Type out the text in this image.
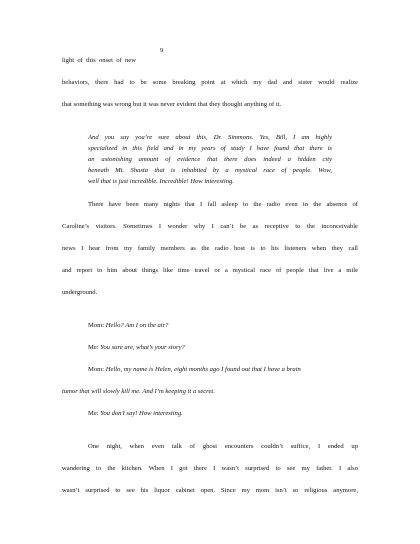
9
light of this onset of new
behaviors, there had to be some breaking point at which my dad and sister would realize
that something was wrong but it was never evident that they thought anything of it.
And you say you’re sure about this, Dr. Simmons. Yes, Bill, I am highly
specialized in this field and in my years of study I have found that there is
an astonishing amount of evidence that there does indeed a hidden city
beneath Mt. Shasta that is inhabited by a mystical race of people. Wow,
well that is just incredible. Incredible! How interesting.
There have been many nights that I fall asleep to the radio even in the absence of
Caroline’s visitors. Sometimes I wonder why I can’t be as receptive to the inconceivable
news I hear from my family members as the radio host is to his listeners when they call
and report to him about things like time travel or a mystical race of people that live a mile
underground.
Mom: Hello? Am I on the air?
Me: You sure are, what’s your story?
Mom: Hello, my name is Helen, eight months ago I found out that I have a brain
tumor that will slowly kill me. And I’m keeping it a secret.
Me: You don’t say! How interesting.
One night, when even talk of ghost encounters couldn’t suffice, I ended up
wandering to the kitchen. When I got there I wasn’t surprised to see my father. I also
wasn’t surprised to see his liquor cabinet open. Since my mom isn’t so religious anymore,
